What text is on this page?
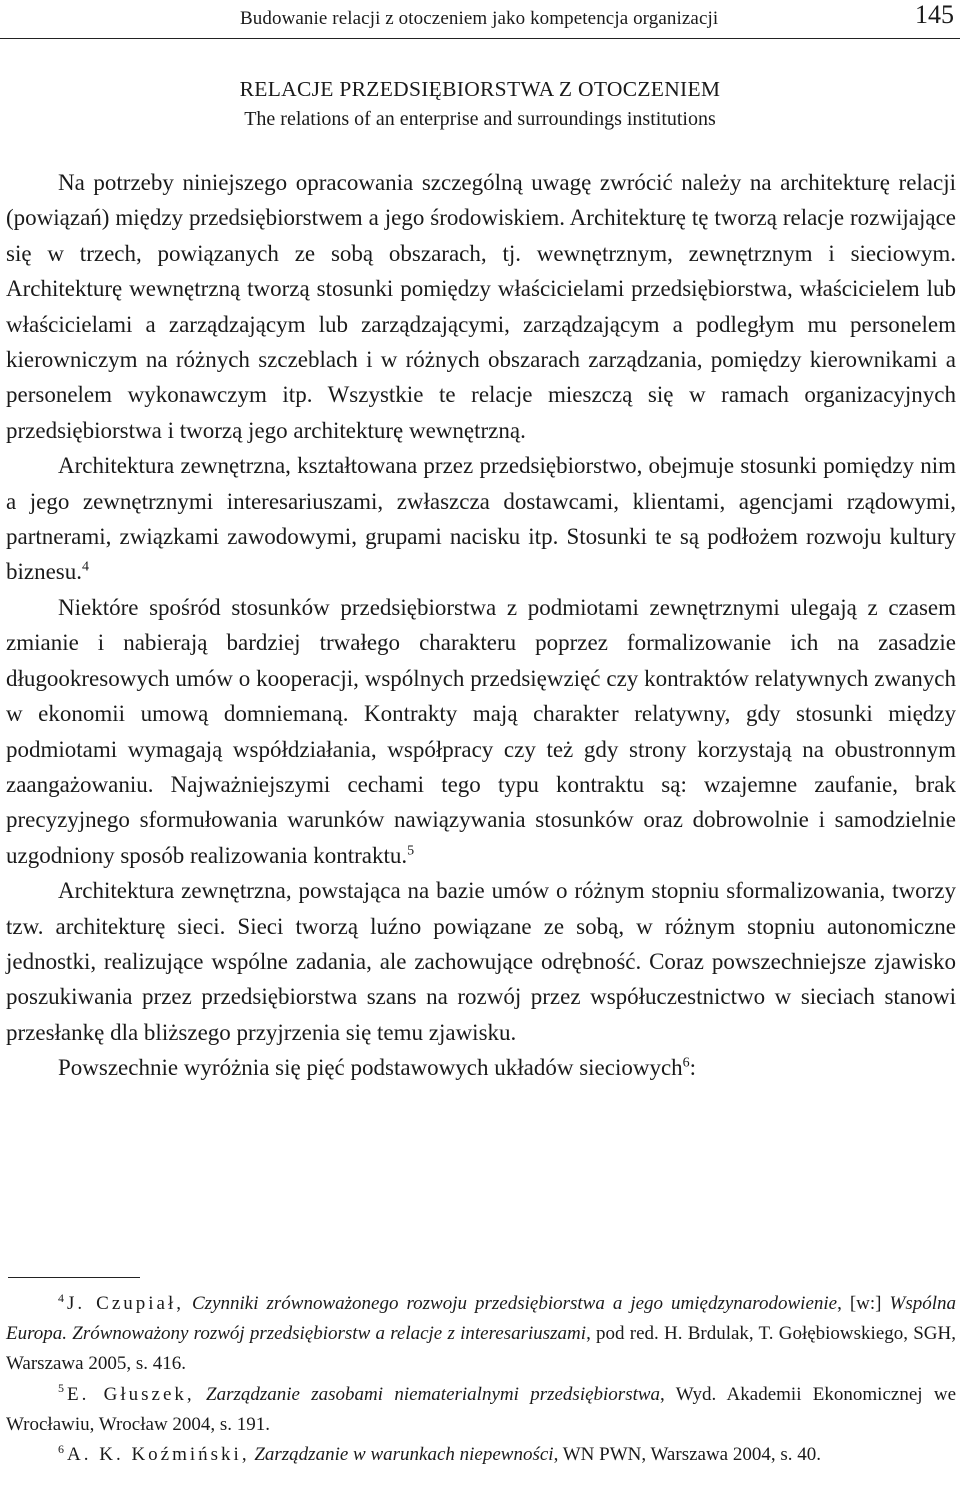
Budowanie relacji z otoczeniem jako kompetencja organizacji	145
RELACJE PRZEDSIĘBIORSTWA Z OTOCZENIEM
The relations of an enterprise and surroundings institutions

Na potrzeby niniejszego opracowania szczególną uwagę zwrócić należy na architekturę relacji (powiązań) między przedsiębiorstwem a jego środowiskiem. Architekturę tę tworzą relacje rozwijające się w trzech, powiązanych ze sobą obszarach, tj. wewnętrznym, zewnętrznym i sieciowym. Architekturę wewnętrzną tworzą stosunki pomiędzy właścicielami przedsiębiorstwa, właścicielem lub właścicielami a zarządzającym lub zarządzającymi, zarządzającym a podległym mu personelem kierowniczym na różnych szczeblach i w różnych obszarach zarządzania, pomiędzy kierownikami a personelem wykonawczym itp. Wszystkie te relacje mieszczą się w ramach organizacyjnych przedsiębiorstwa i tworzą jego architekturę wewnętrzną.

Architektura zewnętrzna, kształtowana przez przedsiębiorstwo, obejmuje stosunki pomiędzy nim a jego zewnętrznymi interesariuszami, zwłaszcza dostawcami, klientami, agencjami rządowymi, partnerami, związkami zawodowymi, grupami nacisku itp. Stosunki te są podłożem rozwoju kultury biznesu.$^4$

Niektóre spośród stosunków przedsiębiorstwa z podmiotami zewnętrznymi ulegają z czasem zmianie i nabierają bardziej trwałego charakteru poprzez formalizowanie ich na zasadzie długookresowych umów o kooperacji, wspólnych przedsięwzięć czy kontraktów relatywnych zwanych w ekonomii umową domniemaną. Kontrakty mają charakter relatywny, gdy stosunki między podmiotami wymagają współdziałania, współpracy czy też gdy strony korzystają na obustronnym zaangażowaniu. Najważniejszymi cechami tego typu kontraktu są: wzajemne zaufanie, brak precyzyjnego sformułowania warunków nawiązywania stosunków oraz dobrowolnie i samodzielnie uzgodniony sposób realizowania kontraktu.$^5$

Architektura zewnętrzna, powstająca na bazie umów o różnym stopniu sformalizowania, tworzy tzw. architekturę sieci. Sieci tworzą luźno powiązane ze sobą, w różnym stopniu autonomiczne jednostki, realizujące wspólne zadania, ale zachowujące odrębność. Coraz powszechniejsze zjawisko poszukiwania przez przedsiębiorstwa szans na rozwój przez współuczestnictwo w sieciach stanowi przesłankę dla bliższego przyjrzenia się temu zjawisku.

Powszechnie wyróżnia się pięć podstawowych układów sieciowych$^6$:

$^4$ J. Czupiał, Czynniki zrównoważonego rozwoju przedsiębiorstwa a jego umiędzynarodowienie, [w:] Wspólna Europa. Zrównoważony rozwój przedsiębiorstw a relacje z interesariuszami, pod red. H. Brdulak, T. Gołębiowskiego, SGH, Warszawa 2005, s. 416.

$^5$ E. Głuszek, Zarządzanie zasobami niematerialnymi przedsiębiorstwa, Wyd. Akademii Ekonomicznej we Wrocławiu, Wrocław 2004, s. 191.

$^6$ A. K. Koźmiński, Zarządzanie w warunkach niepewności, WN PWN, Warszawa 2004, s. 40.
